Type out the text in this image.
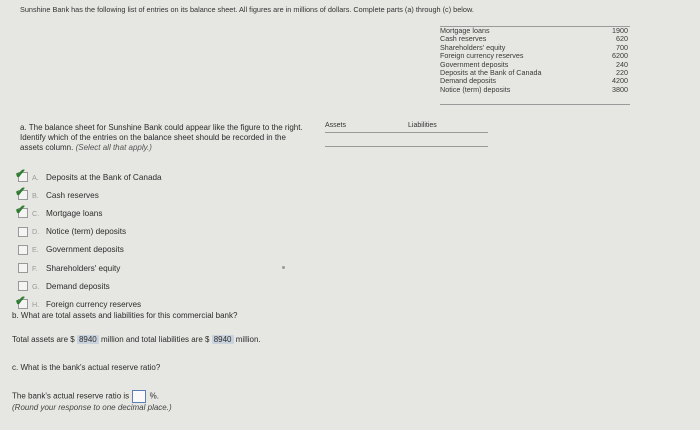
Sunshine Bank has the following list of entries on its balance sheet. All figures are in millions of dollars. Complete parts (a) through (c) below.
Mortgage loans	1900
Cash reserves	620
Shareholders' equity	700
Foreign currency reserves	6200
Government deposits	240
Deposits at the Bank of Canada	220
Demand deposits	4200
Notice (term) deposits	3800
a. The balance sheet for Sunshine Bank could appear like the figure to the right. Identify which of the entries on the balance sheet should be recorded in the assets column. (Select all that apply.)
Assets	Liabilities
✔ A. Deposits at the Bank of Canada
✔ B. Cash reserves
✔ C. Mortgage loans
D. Notice (term) deposits
E. Government deposits
F.	Shareholders' equity
G. Demand deposits
✔ H. Foreign currency reserves
b. What are total assets and liabilities for this commercial bank?
Total assets are $ 8940 million and total liabilities are $ 8940 million.
c. What is the bank's actual reserve ratio?
The bank's actual reserve ratio is	%.
(Round your response to one decimal place.)
